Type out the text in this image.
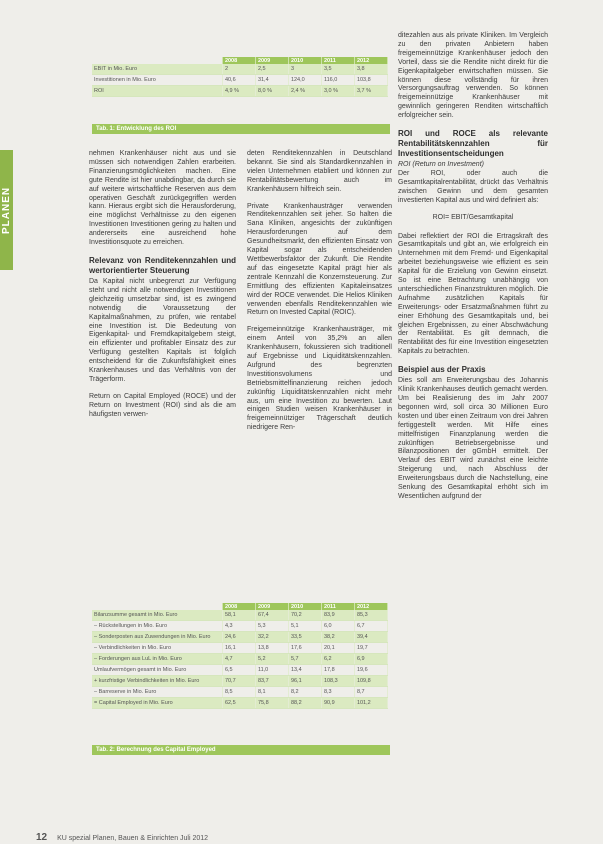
PLANEN
	2008	2009	2010	2011	2012
EBIT in Mio. Euro	2	2,5	3	3,5	3,8
Investitionen in Mio. Euro	40,6	31,4	124,0	116,0	103,8
ROI	4,9 %	8,0 %	2,4 %	3,0 %	3,7 %
Tab. 1: Entwicklung des ROI

nehmen Krankenhäuser nicht aus und sie müssen sich notwendigen Zahlen erarbeiten. Finanzierungsmöglichkeiten machen. Eine gute Rendite ist hier unabdingbar, da durch sie auf weitere wirtschaftliche Reserven aus dem operativen Geschäft zurückgegriffen werden kann. Hieraus ergibt sich die Herausforderung, eine möglichst Verhältnisse zu den eigenen Investitionen Investitionen gering zu halten und andererseits eine ausreichend hohe Investitionsquote zu erreichen.

Relevanz von Renditekennzahlen und wertorientierter Steuerung

Da Kapital nicht unbegrenzt zur Verfügung steht und nicht alle notwendigen Investitionen gleichzeitig umsetzbar sind, ist es zwingend notwendig die Voraussetzung der Kapitalmaßnahmen, zu prüfen, wie rentabel eine Investition ist. Die Bedeutung von Eigenkapital- und Fremdkapitalgebern steigt, ein effizienter und profitabler Einsatz des zur Verfügung gestellten Kapitals ist folglich entscheidend für die Zukunftsfähigkeit eines Krankenhauses und das Verhältnis von der Trägerform.

Return on Capital Employed (ROCE) und der Return on Investment (ROI) sind als die am häufigsten verwen-

deten Renditekennzahlen in Deutschland bekannt. Sie sind als Standardkennzahlen in vielen Unternehmen etabliert und können zur Rentabilitätsbewertung auch im Krankenhäusern hilfreich sein.

Private Krankenhausträger verwenden Renditekennzahlen seit jeher. So halten die Sana Kliniken, angesichts der zukünftigen Herausforderungen auf dem Gesundheitsmarkt, den effizienten Einsatz von Kapital sogar als entscheidenden Wettbewerbsfaktor der Zukunft. Die Rendite auf das eingesetzte Kapital prägt hier als zentrale Kennzahl die Konzernsteuerung. Zur Ermittlung des effizienten Kapitaleinsatzes wird der ROCE verwendet. Die Helios Kliniken verwenden ebenfalls Renditekennzahlen wie Return on Invested Capital (ROIC).

Freigemeinnützige Krankenhausträger, mit einem Anteil von 35,2% an allen Krankenhäusern, fokussieren sich traditionell auf Ergebnisse und Liquiditätskennzahlen. Aufgrund des begrenzten Investitionsvolumens und Betriebsmittelfinanzierung reichen jedoch zukünftig Liquiditätskennzahlen nicht mehr aus, um eine Investition zu bewerten. Laut einigen Studien weisen Krankenhäuser in freigemeinnütziger Trägerschaft deutlich niedrigere Ren-

ditezahlen aus als private Kliniken. Im Vergleich zu den privaten Anbietern haben freigemeinnützige Krankenhäuser jedoch den Vorteil, dass sie die Rendite nicht direkt für die Eigenkapitalgeber erwirtschaften müssen. Sie können diese vollständig für ihren Versorgungsauftrag verwenden. So können freigemeinnützige Krankenhäuser mit gewinnlich geringeren Renditen wirtschaftlich erfolgreicher sein.

ROI und ROCE als relevante Rentabilitätskennzahlen für Investitionsentscheidungen

ROI (Return on Investment)

Der ROI, oder auch die Gesamtkapitalrentabilität, drückt das Verhältnis zwischen Gewinn und dem gesamten investierten Kapital aus und wird definiert als:

ROI= EBIT/Gesamtkapital

Dabei reflektiert der ROI die Ertragskraft des Gesamtkapitals und gibt an, wie erfolgreich ein Unternehmen mit dem Fremd- und Eigenkapital arbeitet beziehungsweise wie effizient es sein Kapital für die Erzielung von Gewinn einsetzt. So ist eine Betrachtung unabhängig von unterschiedlichen Finanzstrukturen möglich. Die Aufnahme zusätzlichen Kapitals für Erweiterungs- oder Ersatzmaßnahmen führt zu einer Erhöhung des Gesamtkapitals und, bei gleichen Ergebnissen, zu einer Abschwächung der Rentabilität. Es gilt demnach, die Rentabilität des für eine Investition eingesetzten Kapitals zu betrachten.

Beispiel aus der Praxis

Dies soll am Erweiterungsbau des Johannis Klinik Krankenhauses deutlich gemacht werden. Um bei Realisierung des im Jahr 2007 begonnen wird, soll circa 30 Millionen Euro kosten und über einen Zeitraum von drei Jahren fertiggestellt werden. Mit Hilfe eines mittelfristigen Finanzplanung werden die zukünftigen Betriebsergebnisse und Bilanzpositionen der gGmbH ermittelt. Der Verlauf des EBIT wird zunächst eine leichte Steigerung und, nach Abschluss der Erweiterungsbaus durch die Nachstellung, eine Senkung des Gesamtkapital erhöht sich im Wesentlichen aufgrund der

	2008	2009	2010	2011	2012
Bilanzsumme gesamt in Mio. Euro	58,1	67,4	70,2	83,9	85,3
– Rückstellungen in Mio. Euro	4,3	5,3	5,1	6,0	6,7
– Sonderposten aus Zuwendungen in Mio. Euro	24,6	32,2	33,5	38,2	39,4
– Verbindlichkeiten in Mio. Euro	16,1	13,8	17,6	20,1	19,7
– Forderungen aus LuL in Mio. Euro	4,7	5,2	5,7	6,2	6,9
Umlaufvermögen gesamt in Mio. Euro	6,5	11,0	13,4	17,8	19,6
+ kurzfristige Verbindlichkeiten in Mio. Euro	70,7	83,7	96,1	108,3	109,8
– Barreserve in Mio. Euro	8,5	8,1	8,2	8,3	8,7
= Capital Employed in Mio. Euro	62,5	75,8	88,2	90,9	101,2
Tab. 2: Berechnung des Capital Employed
12 KU spezial Planen, Bauen & Einrichten Juli 2012
